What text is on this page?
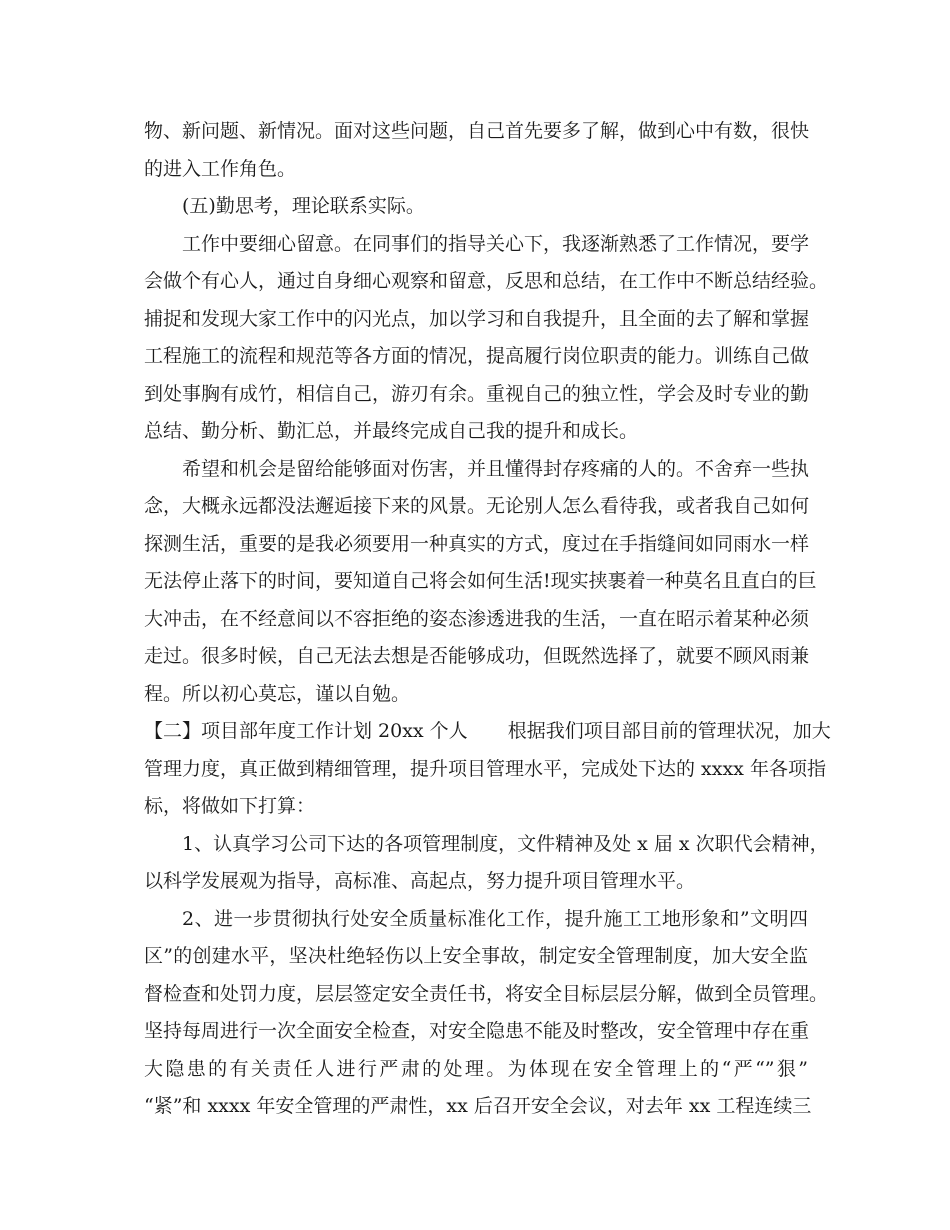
物、新问题、新情况。面对这些问题，自己首先要多了解，做到心中有数，很快
的进入工作角色。
(五)勤思考，理论联系实际。
工作中要细心留意。在同事们的指导关心下，我逐渐熟悉了工作情况，要学
会做个有心人，通过自身细心观察和留意，反思和总结，在工作中不断总结经验。
捕捉和发现大家工作中的闪光点，加以学习和自我提升，且全面的去了解和掌握
工程施工的流程和规范等各方面的情况，提高履行岗位职责的能力。训练自己做
到处事胸有成竹，相信自己，游刃有余。重视自己的独立性，学会及时专业的勤
总结、勤分析、勤汇总，并最终完成自己我的提升和成长。
希望和机会是留给能够面对伤害，并且懂得封存疼痛的人的。不舍弃一些执
念，大概永远都没法邂逅接下来的风景。无论别人怎么看待我，或者我自己如何
探测生活，重要的是我必须要用一种真实的方式，度过在手指缝间如同雨水一样
无法停止落下的时间，要知道自己将会如何生活!现实挟裹着一种莫名且直白的巨
大冲击，在不经意间以不容拒绝的姿态渗透进我的生活，一直在昭示着某种必须
走过。很多时候，自己无法去想是否能够成功，但既然选择了，就要不顾风雨兼
程。所以初心莫忘，谨以自勉。
【二】项目部年度工作计划 20xx 个人 根据我们项目部目前的管理状况，加大
管理力度，真正做到精细管理，提升项目管理水平，完成处下达的 xxxx 年各项指
标，将做如下打算：
1、认真学习公司下达的各项管理制度，文件精神及处 x 届 x 次职代会精神，
以科学发展观为指导，高标准、高起点，努力提升项目管理水平。
2、进一步贯彻执行处安全质量标准化工作，提升施工工地形象和”文明四
区”的创建水平，坚决杜绝轻伤以上安全事故，制定安全管理制度，加大安全监
督检查和处罚力度，层层签定安全责任书，将安全目标层层分解，做到全员管理。
坚持每周进行一次全面安全检查，对安全隐患不能及时整改，安全管理中存在重
大隐患的有关责任人进行严肃的处理。为体现在安全管理上的“严“”狠”
“紧”和 xxxx 年安全管理的严肃性，xx 后召开安全会议，对去年 xx 工程连续三
